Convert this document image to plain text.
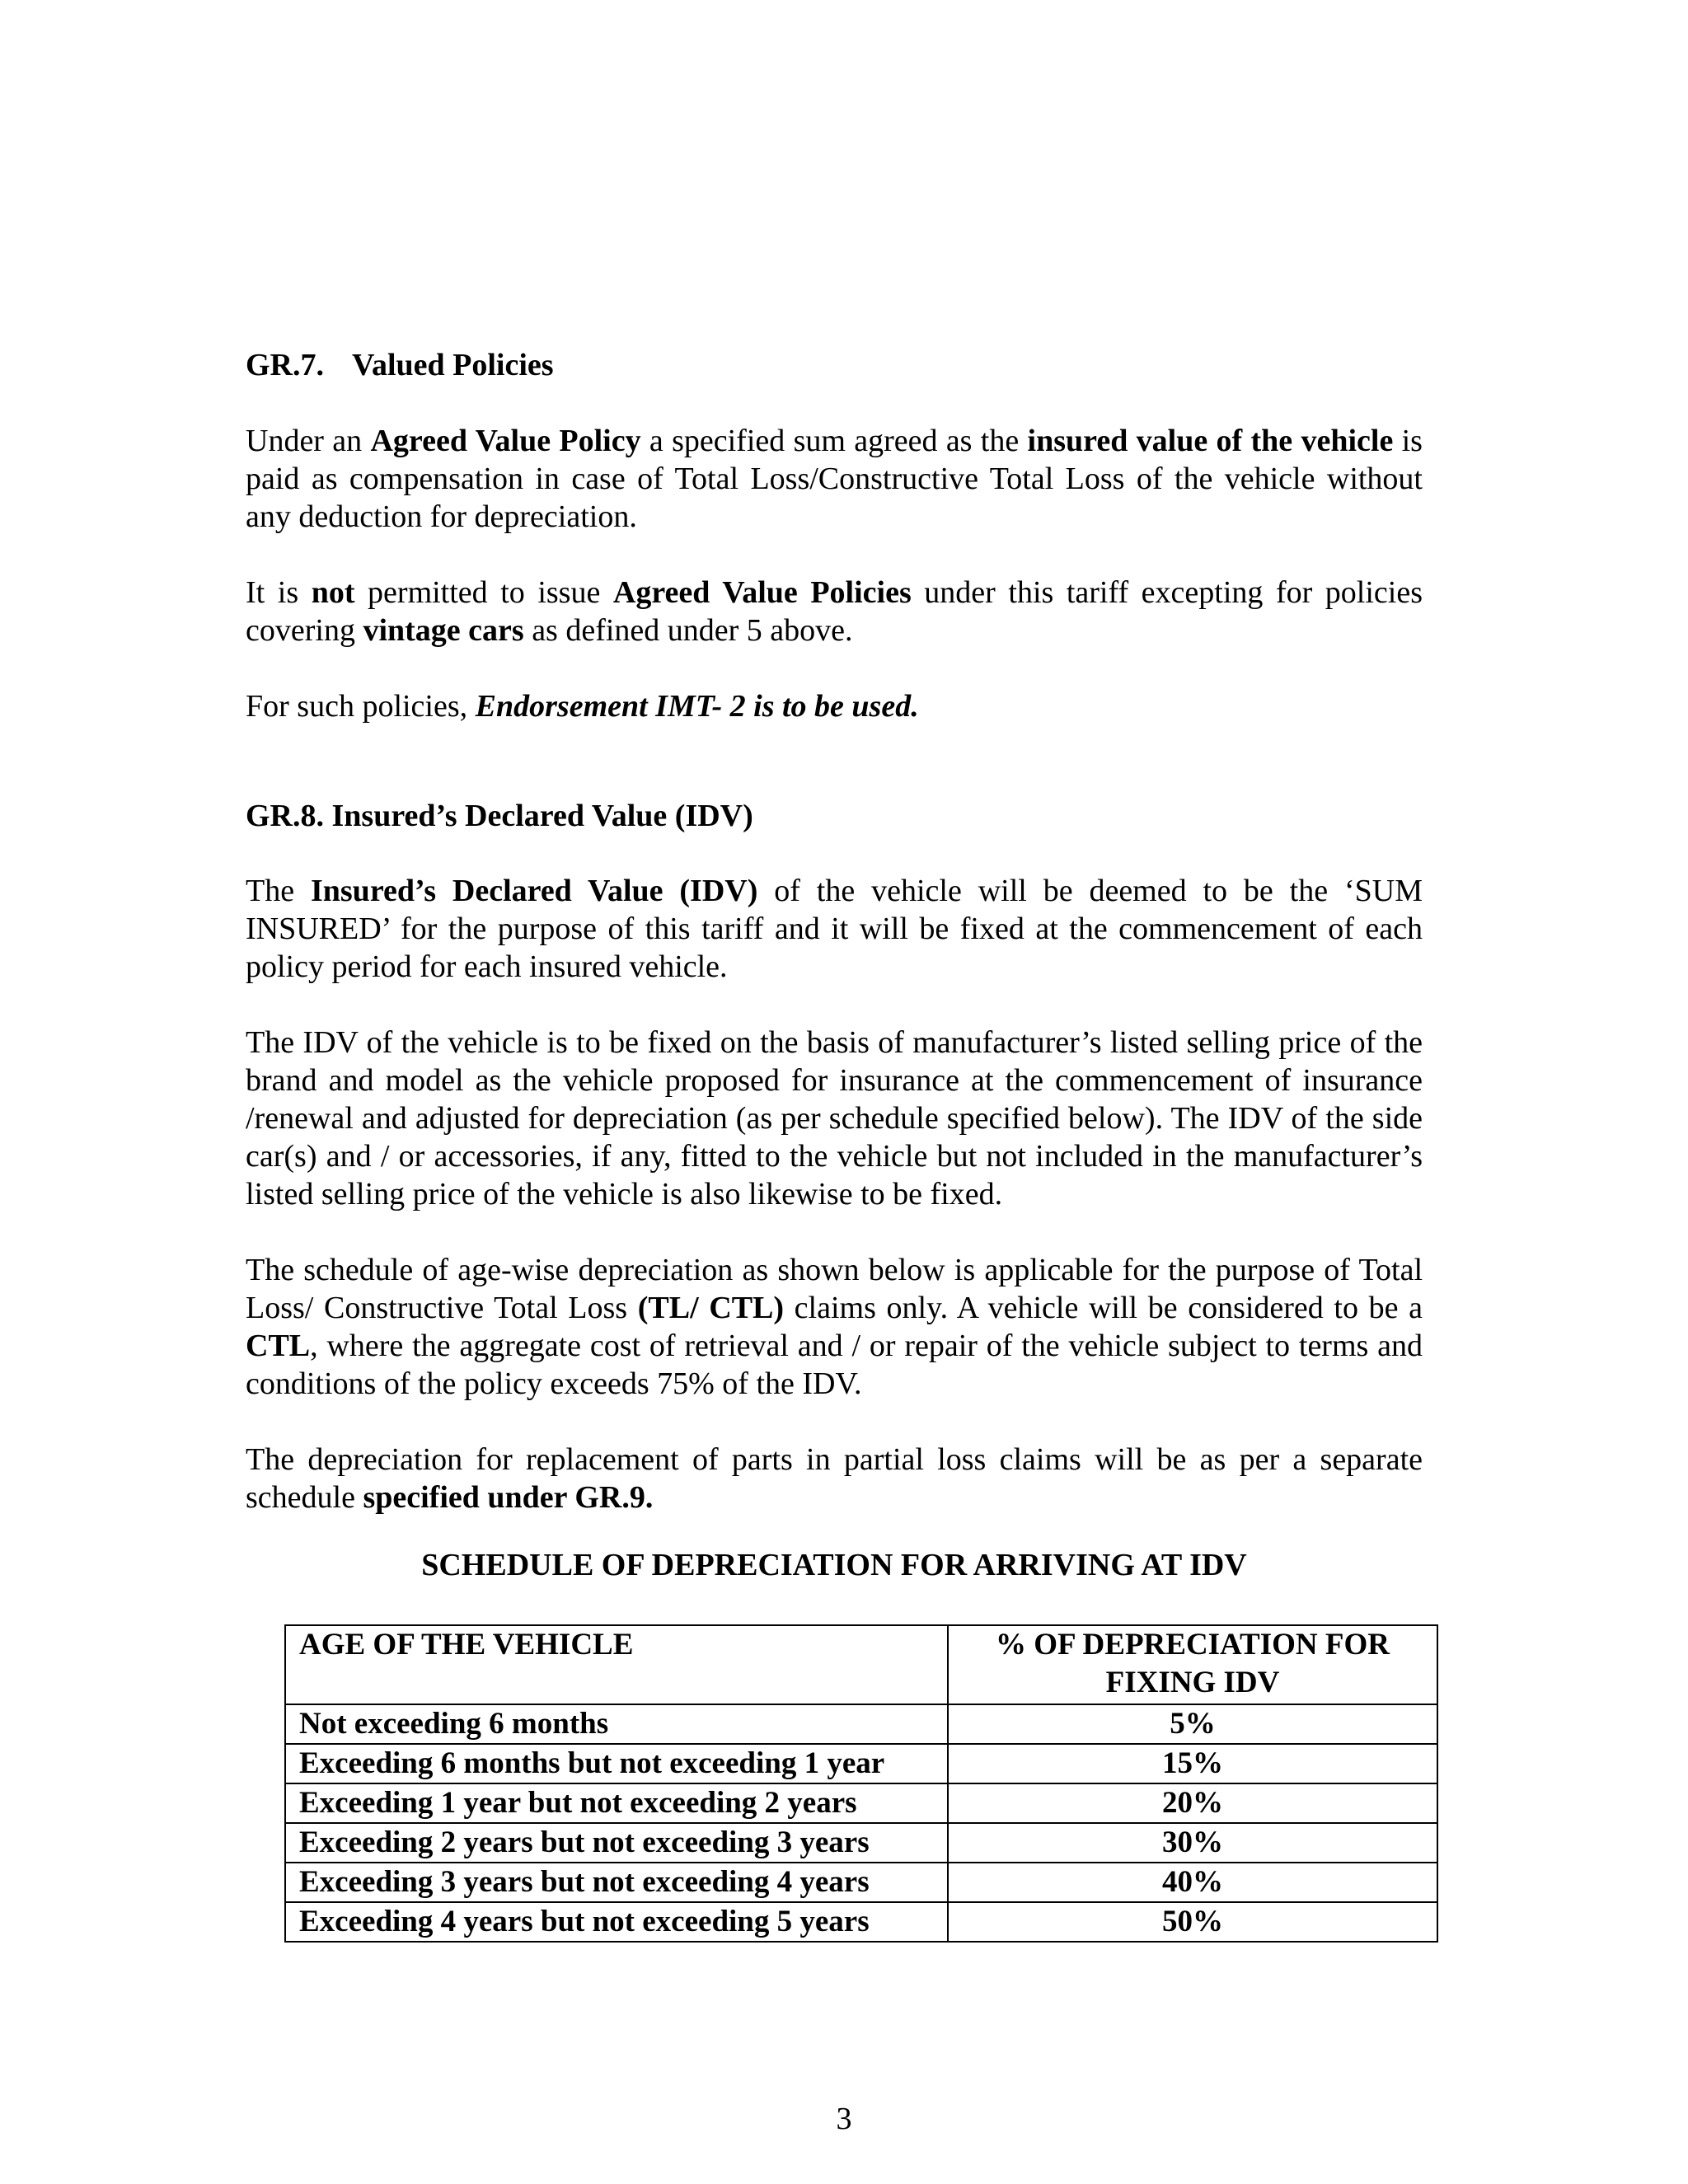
GR.7. Valued Policies
Under an Agreed Value Policy a specified sum agreed as the insured value of the vehicle is paid as compensation in case of Total Loss/Constructive Total Loss of the vehicle without any deduction for depreciation.
It is not permitted to issue Agreed Value Policies under this tariff excepting for policies covering vintage cars as defined under 5 above.
For such policies, Endorsement IMT- 2 is to be used.
GR.8. Insured’s Declared Value (IDV)
The Insured’s Declared Value (IDV) of the vehicle will be deemed to be the ‘SUM INSURED’ for the purpose of this tariff and it will be fixed at the commencement of each policy period for each insured vehicle.
The IDV of the vehicle is to be fixed on the basis of manufacturer’s listed selling price of the brand and model as the vehicle proposed for insurance at the commencement of insurance /renewal and adjusted for depreciation (as per schedule specified below). The IDV of the side car(s) and / or accessories, if any, fitted to the vehicle but not included in the manufacturer’s listed selling price of the vehicle is also likewise to be fixed.
The schedule of age-wise depreciation as shown below is applicable for the purpose of Total Loss/ Constructive Total Loss (TL/ CTL) claims only. A vehicle will be considered to be a CTL, where the aggregate cost of retrieval and / or repair of the vehicle subject to terms and conditions of the policy exceeds 75% of the IDV.
The depreciation for replacement of parts in partial loss claims will be as per a separate schedule specified under GR.9.
SCHEDULE OF DEPRECIATION FOR ARRIVING AT IDV
AGE OF THE VEHICLE	% OF DEPRECIATION FOR FIXING IDV
Not exceeding 6 months	5%
Exceeding 6 months but not exceeding 1 year	15%
Exceeding 1 year but not exceeding 2 years	20%
Exceeding 2 years but not exceeding 3 years	30%
Exceeding 3 years but not exceeding 4 years	40%
Exceeding 4 years but not exceeding 5 years	50%
3
